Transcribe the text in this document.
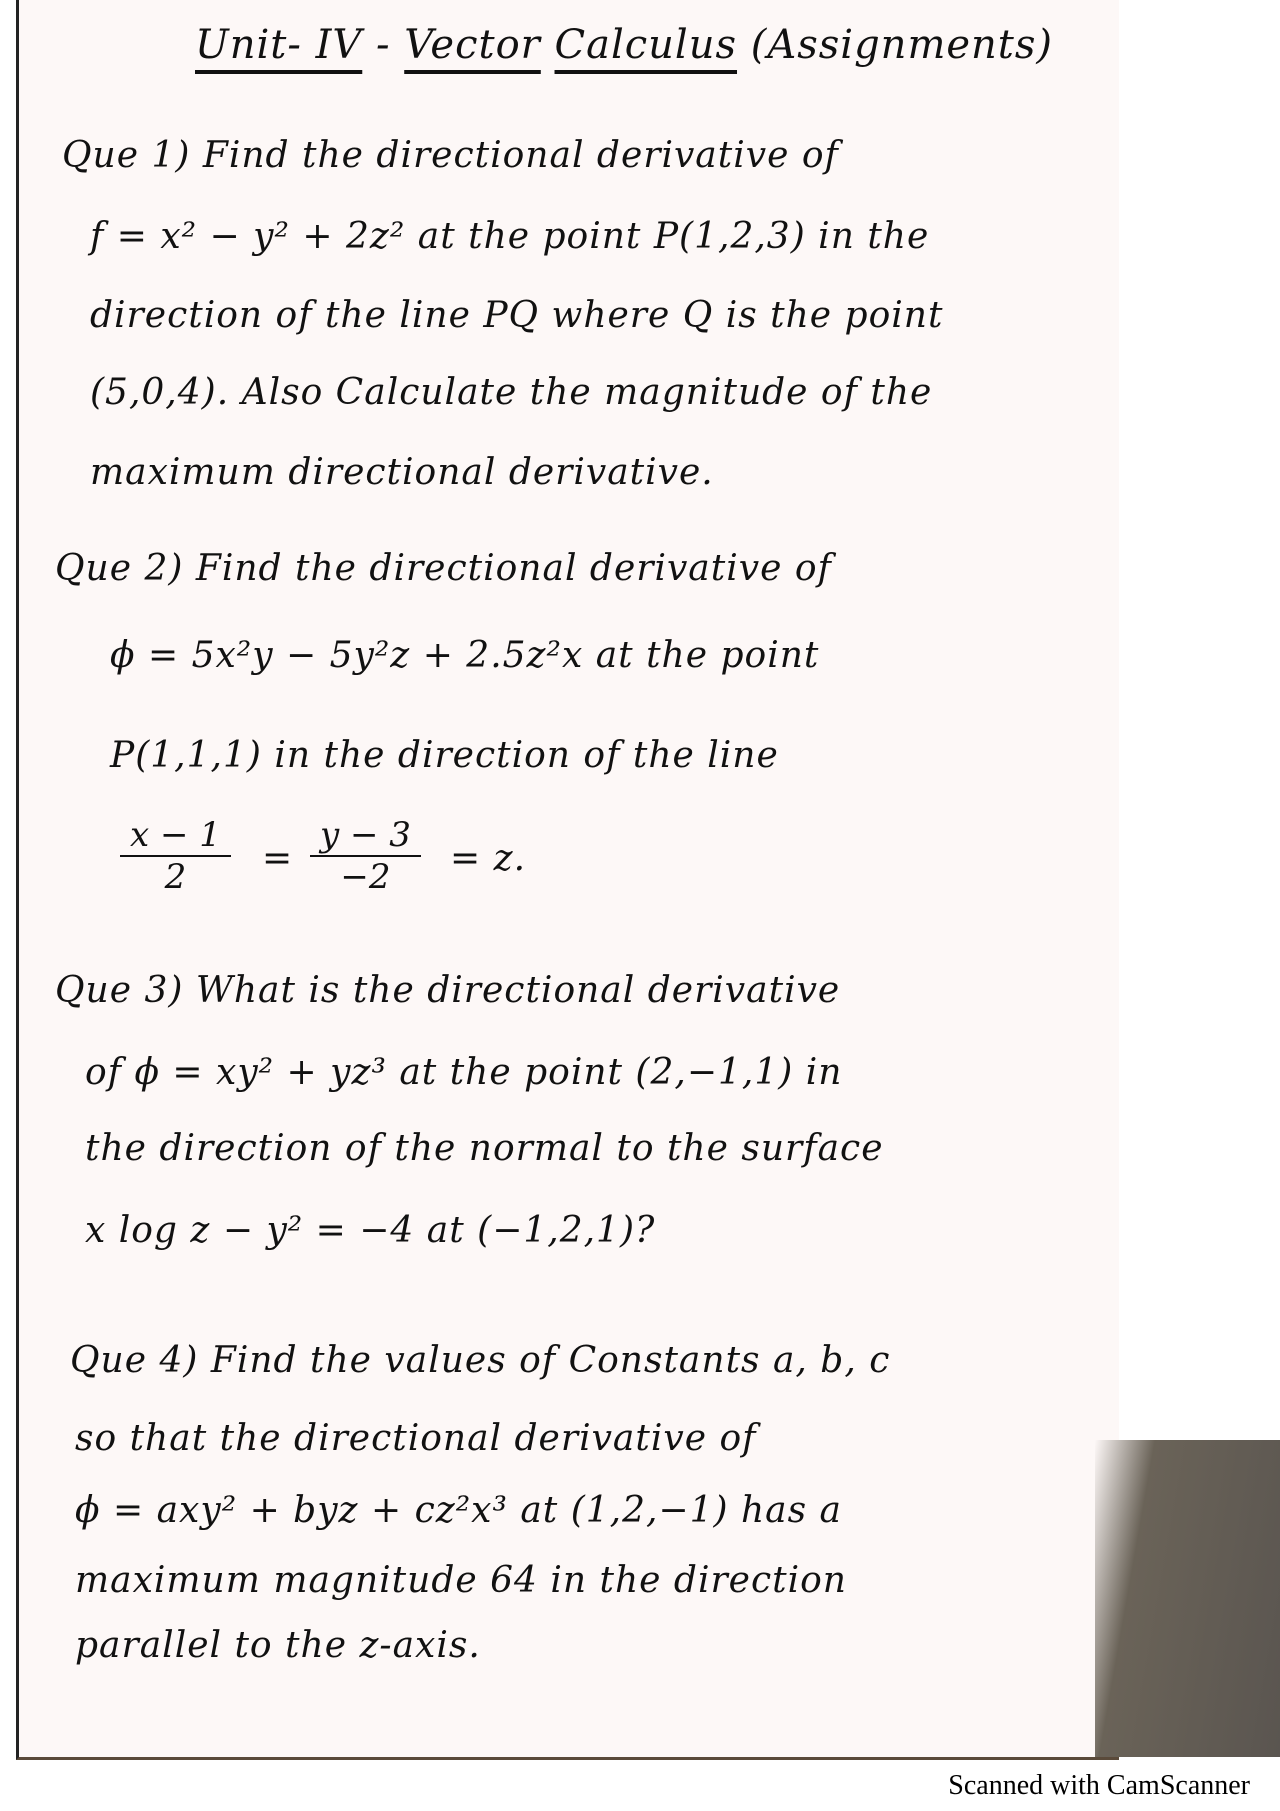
Unit- IV - Vector Calculus (Assignments)
Que 1) Find the directional derivative of
f = x² − y² + 2z² at the point P(1,2,3) in the
direction of the line PQ where Q is the point
(5,0,4). Also Calculate the magnitude of the
maximum directional derivative.
Que 2) Find the directional derivative of
ϕ = 5x²y − 5y²z + 2.5z²x at the point
P(1,1,1) in the direction of the line
$\frac{x - 1}{2} = \frac{y - 3}{-2} = z$.
Que 3) What is the directional derivative
of ϕ = xy² + yz³ at the point (2,−1,1) in
the direction of the normal to the surface
x log z − y² = −4 at (−1,2,1)?
Que 4) Find the values of Constants a, b, c
so that the directional derivative of
ϕ = axy² + byz + cz²x³ at (1,2,−1) has a
maximum magnitude 64 in the direction
parallel to the z-axis.
Scanned with CamScanner
